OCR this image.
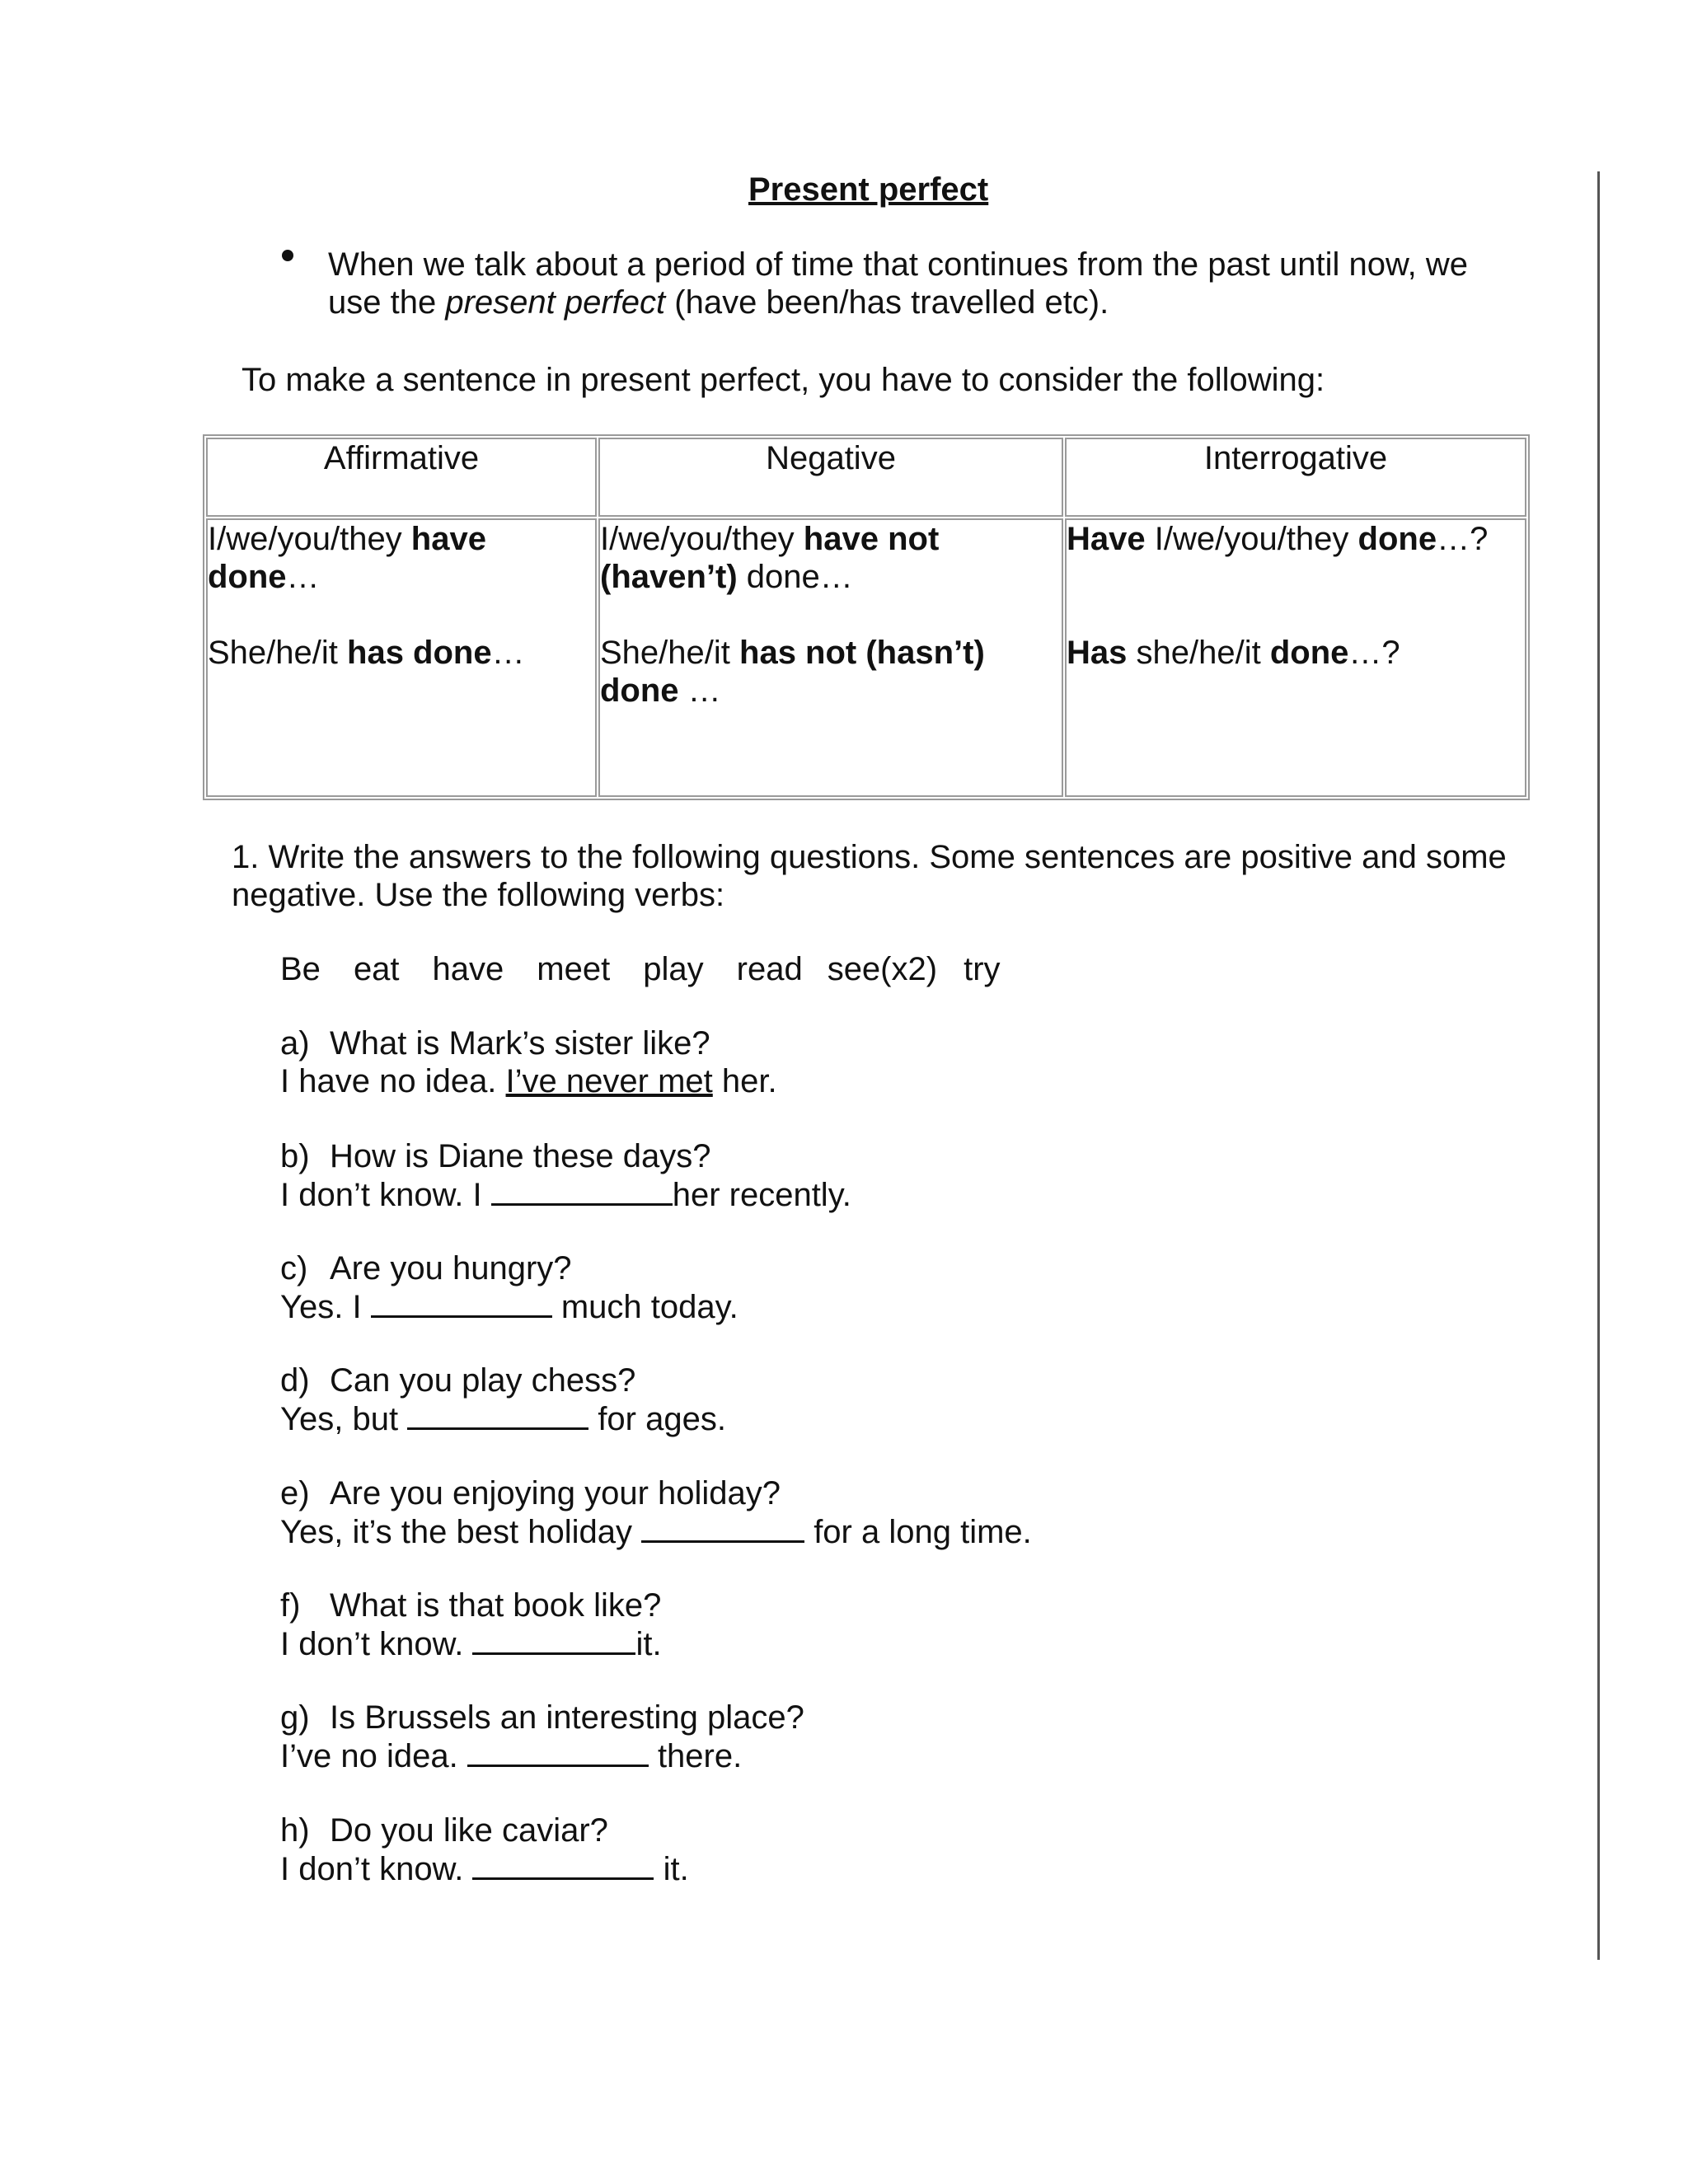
Present perfect
When we talk about a period of time that continues from the past until now, we
use the present perfect (have been/has travelled etc).
To make a sentence in present perfect, you have to consider the following:
Affirmative	Negative	Interrogative

I/we/you/they have
done…
She/he/it has done…	I/we/you/they have not
(haven’t) done…
She/he/it has not (hasn’t)
done …	Have I/we/you/they done…?
Has she/he/it done…?
1. Write the answers to the following questions. Some sentences are positive and some
negative. Use the following verbs:
Be eat have meet play read see(x2) try
a) What is Mark’s sister like?
I have no idea. I’ve never met her.
b) How is Diane these days?
I don’t know. I	her recently.
c) Are you hungry?
Yes. I	much today.
d) Can you play chess?
Yes, but	for ages.
e) Are you enjoying your holiday?
Yes, it’s the best holiday	for a long time.
f) What is that book like?
I don’t know.	it.
g) Is Brussels an interesting place?
I’ve no idea.	there.
h) Do you like caviar?
I don’t know.	it.
